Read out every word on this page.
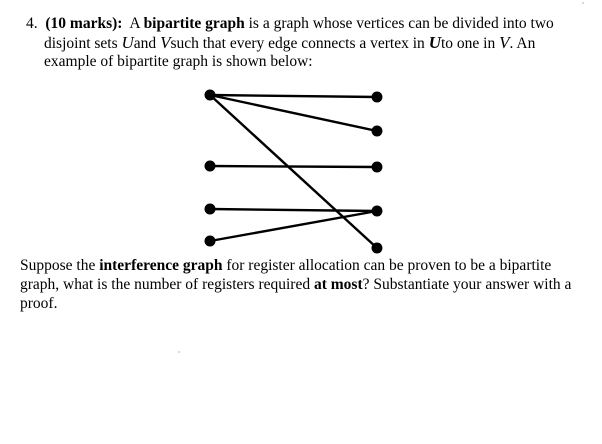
4. (10 marks): A bipartite graph is a graph whose vertices can be divided into two
disjoint sets Uand Vsuch that every edge connects a vertex in Uto one in V. An
example of bipartite graph is shown below:
Suppose the interference graph for register allocation can be proven to be a bipartite
graph, what is the number of registers required at most? Substantiate your answer with a
proof.
